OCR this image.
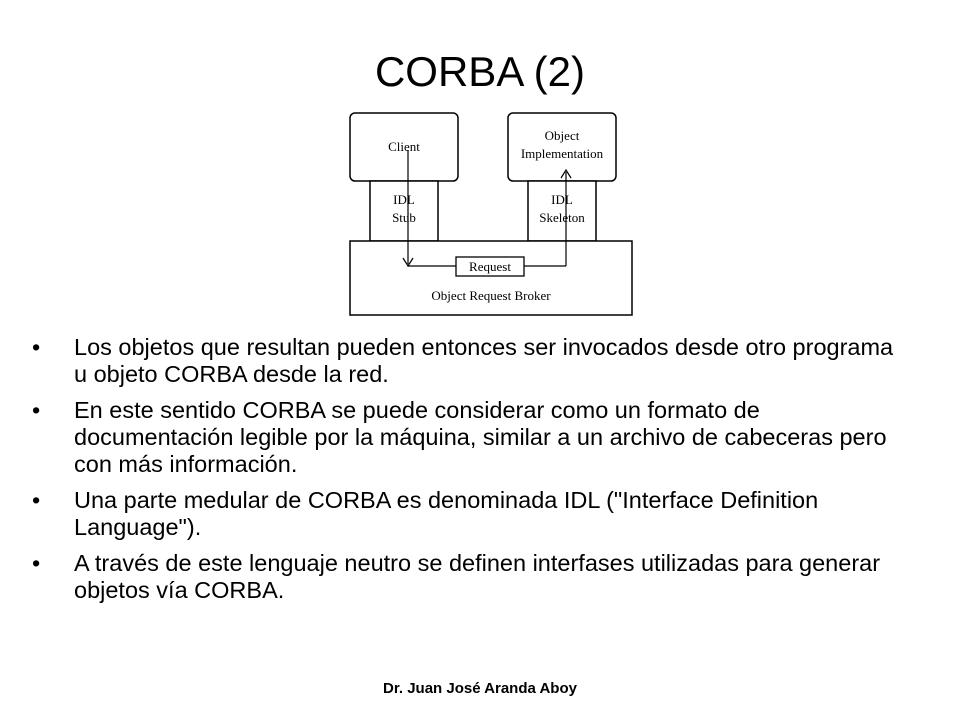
CORBA (2)
Client
Object
Implementation
IDL
Stub
IDL
Skeleton
Object Request Broker
Request
• Los objetos que resultan pueden entonces ser invocados desde otro programa u objeto CORBA desde la red.
• En este sentido CORBA se puede considerar como un formato de documentación legible por la máquina, similar a un archivo de cabeceras pero con más información.
• Una parte medular de CORBA es denominada IDL ("Interface Definition Language").
• A través de este lenguaje neutro se definen interfases utilizadas para generar objetos vía CORBA.
Dr. Juan José Aranda Aboy
